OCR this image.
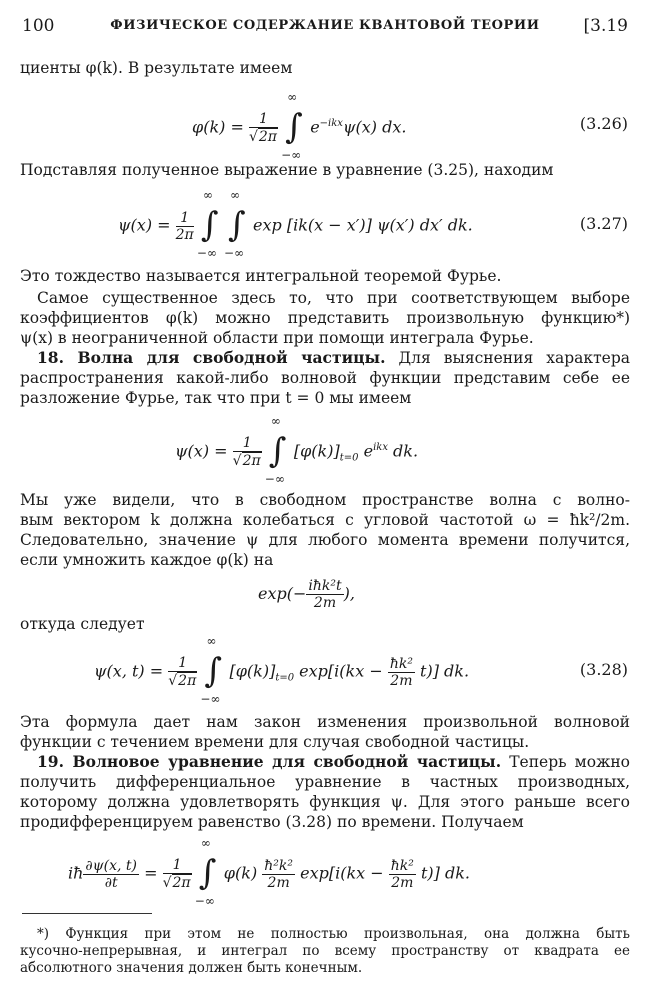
100	ФИЗИЧЕСКОЕ СОДЕРЖАНИЕ КВАНТОВОЙ ТЕОРИИ	[3.19
циенты φ(k). В результате имеем
$\varphi(k) = \frac{1}{√2\pi}$

∞
∫
−∞
$e^{-ikx}\psi(x)$ dx.	(3.26)
Подставляя полученное выражение в уравнение (3.25), находим
$\psi(x) = \frac{1}{2\pi}$

∞
∫
−∞

∞
∫
−∞
exp [ik(x − x′)] ψ(x′) dx′ dk.	(3.27)
Это тождество называется интегральной теоремой Фурье.
Самое существенное здесь то, что при соответствующем выборе
коэффициентов φ(k) можно представить произвольную функцию*)
ψ(x) в неограниченной области при помощи интеграла Фурье.
18. Волна для свободной частицы. Для выяснения характера
распространения какой-либо волновой функции представим себе ее
разложение Фурье, так что при t = 0 мы имеем
$\psi(x) = \frac{1}{√2\pi}$

∞
∫
−∞
$[\varphi(k)]_{t=0}$ $e^{ikx}$ dk.
Мы уже видели, что в свободном пространстве волна с волно-
вым вектором k должна колебаться с угловой частотой ω = ħk²/2m.
Следовательно, значение ψ для любого момента времени получится,
если умножить каждое φ(k) на
$\exp(- \frac{\text{iħk²t}}{2m}$ ),
откуда следует
ψ(x, $t) = \frac{1}{√2\pi}$

∞
∫
−∞
$[\varphi(k)]_{t=0}$ $\exp[i(kx - \frac{\text{ħk²}}{2m} t)]$ dk.	(3.28)
Эта формула дает нам закон изменения произвольной волновой
функции с течением времени для случая свободной частицы.
19. Волновое уравнение для свободной частицы. Теперь можно
получить дифференциальное уравнение в частных производных,
которому должна удовлетворять функция ψ. Для этого раньше всего
продифференцируем равенство (3.28) по времени. Получаем
iħ $\frac{\partial\psi(x, t)}{\partial t} = \frac{1}{√2\pi}$

∞
∫
−∞
$\varphi(k) \frac{\text{ħ²k²}}{2m} \exp[i(kx - \frac{\text{ħk²}}{2m} t)]$ dk.
*) Функция при этом не полностью произвольная, она должна быть
кусочно-непрерывная, и интеграл по всему пространству от квадрата ее
абсолютного значения должен быть конечным.
